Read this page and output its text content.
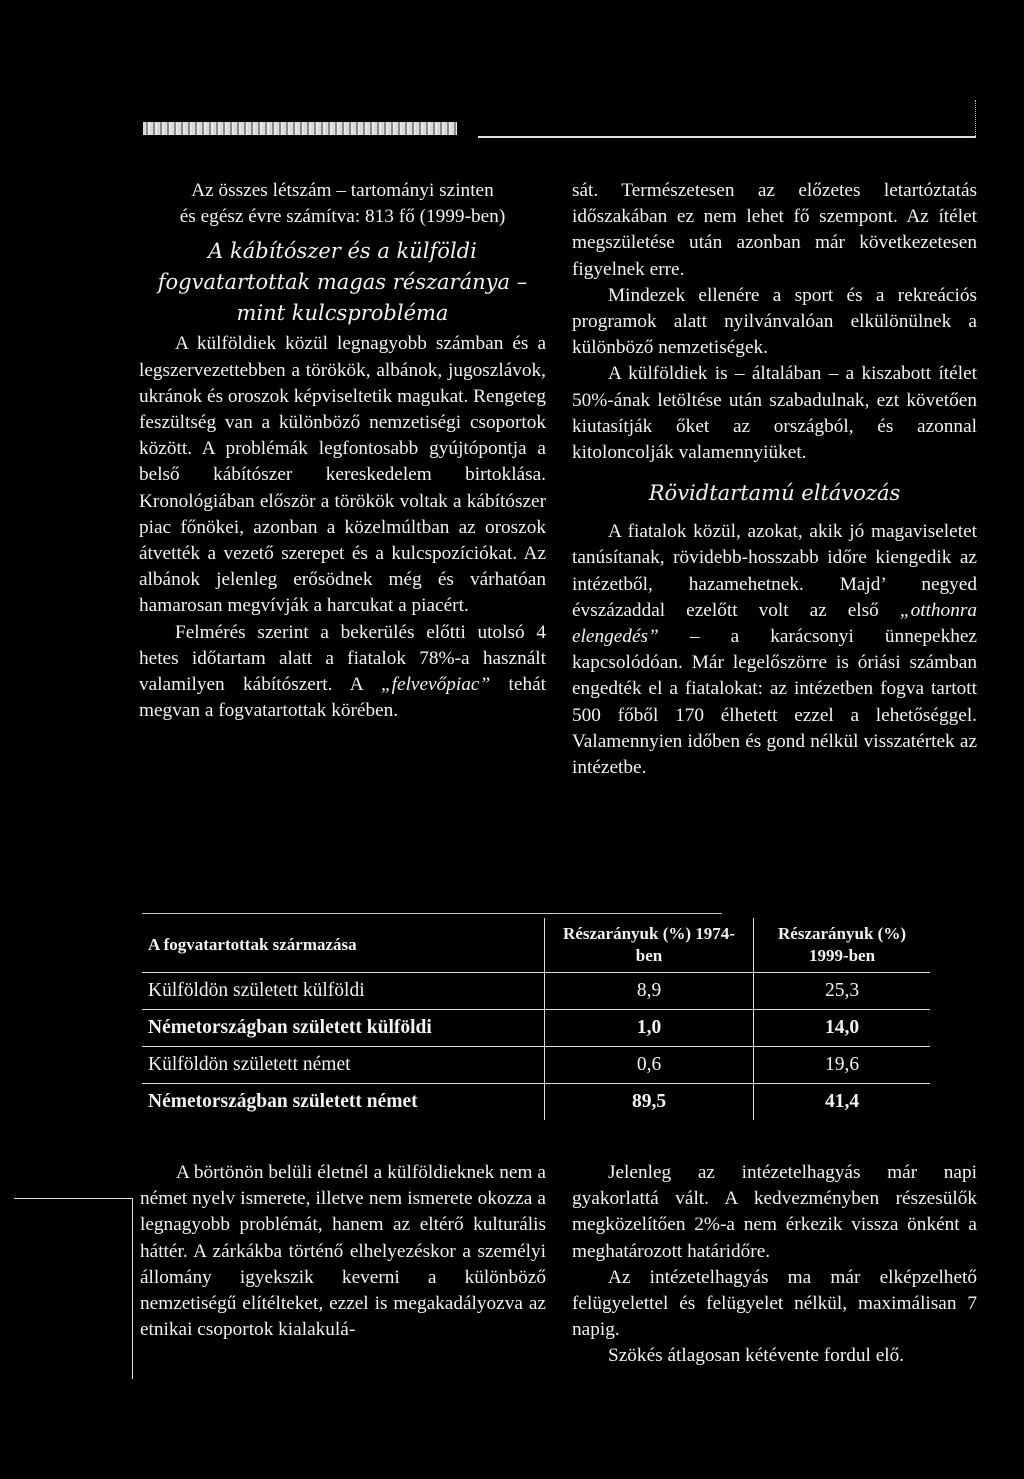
Az összes létszám – tartományi szinten

és egész évre számítva: 813 fő (1999-ben)

A kábítószer és a külföldi fogvatartottak magas részaránya – mint kulcsprobléma

A külföldiek közül legnagyobb számban és a legszervezettebben a törökök, albánok, jugoszlávok, ukránok és oroszok képviseltetik magukat. Rengeteg feszültség van a különböző nemzetiségi csoportok között. A problémák legfontosabb gyújtópontja a belső kábítószer kereskedelem birtoklása. Kronológiában először a törökök voltak a kábítószer piac főnökei, azonban a közelmúltban az oroszok átvették a vezető szerepet és a kulcspozíciókat. Az albánok jelenleg erősödnek még és várhatóan hamarosan megvívják a harcukat a piacért.

Felmérés szerint a bekerülés előtti utolsó 4 hetes időtartam alatt a fiatalok 78%-a használt valamilyen kábítószert. A „felvevőpiac” tehát megvan a fogvatartottak körében.

sát. Természetesen az előzetes letartóztatás időszakában ez nem lehet fő szempont. Az ítélet megszületése után azonban már következetesen figyelnek erre.

Mindezek ellenére a sport és a rekreációs programok alatt nyilvánvalóan elkülönülnek a különböző nemzetiségek.

A külföldiek is – általában – a kiszabott ítélet 50%-ának letöltése után szabadulnak, ezt követően kiutasítják őket az országból, és azonnal kitoloncolják valamennyiüket.

Rövidtartamú eltávozás

A fiatalok közül, azokat, akik jó magaviseletet tanúsítanak, rövidebb-hosszabb időre kiengedik az intézetből, hazamehetnek. Majd’ negyed évszázaddal ezelőtt volt az első „otthonra elengedés” – a karácsonyi ünnepekhez kapcsolódóan. Már legelőszörre is óriási számban engedték el a fiatalokat: az intézetben fogva tartott 500 főből 170 élhetett ezzel a lehetőséggel. Valamennyien időben és gond nélkül visszatértek az intézetbe.

A fogvatartottak származása	Részarányuk (%) 1974-ben	Részarányuk (%) 1999-ben
Külföldön született külföldi	8,9	25,3
Németországban született külföldi	1,0	14,0
Külföldön született német	0,6	19,6
Németországban született német	89,5	41,4

A börtönön belüli életnél a külföldieknek nem a német nyelv ismerete, illetve nem ismerete okozza a legnagyobb problémát, hanem az eltérő kulturális háttér. A zárkákba történő elhelyezéskor a személyi állomány igyekszik keverni a különböző nemzetiségű elítélteket, ezzel is megakadályozva az etnikai csoportok kialakulá-

Jelenleg az intézetelhagyás már napi gyakorlattá vált. A kedvezményben részesülők megközelítően 2%-a nem érkezik vissza önként a meghatározott határidőre.

Az intézetelhagyás ma már elképzelhető felügyelettel és felügyelet nélkül, maximálisan 7 napig.

Szökés átlagosan kétévente fordul elő.
